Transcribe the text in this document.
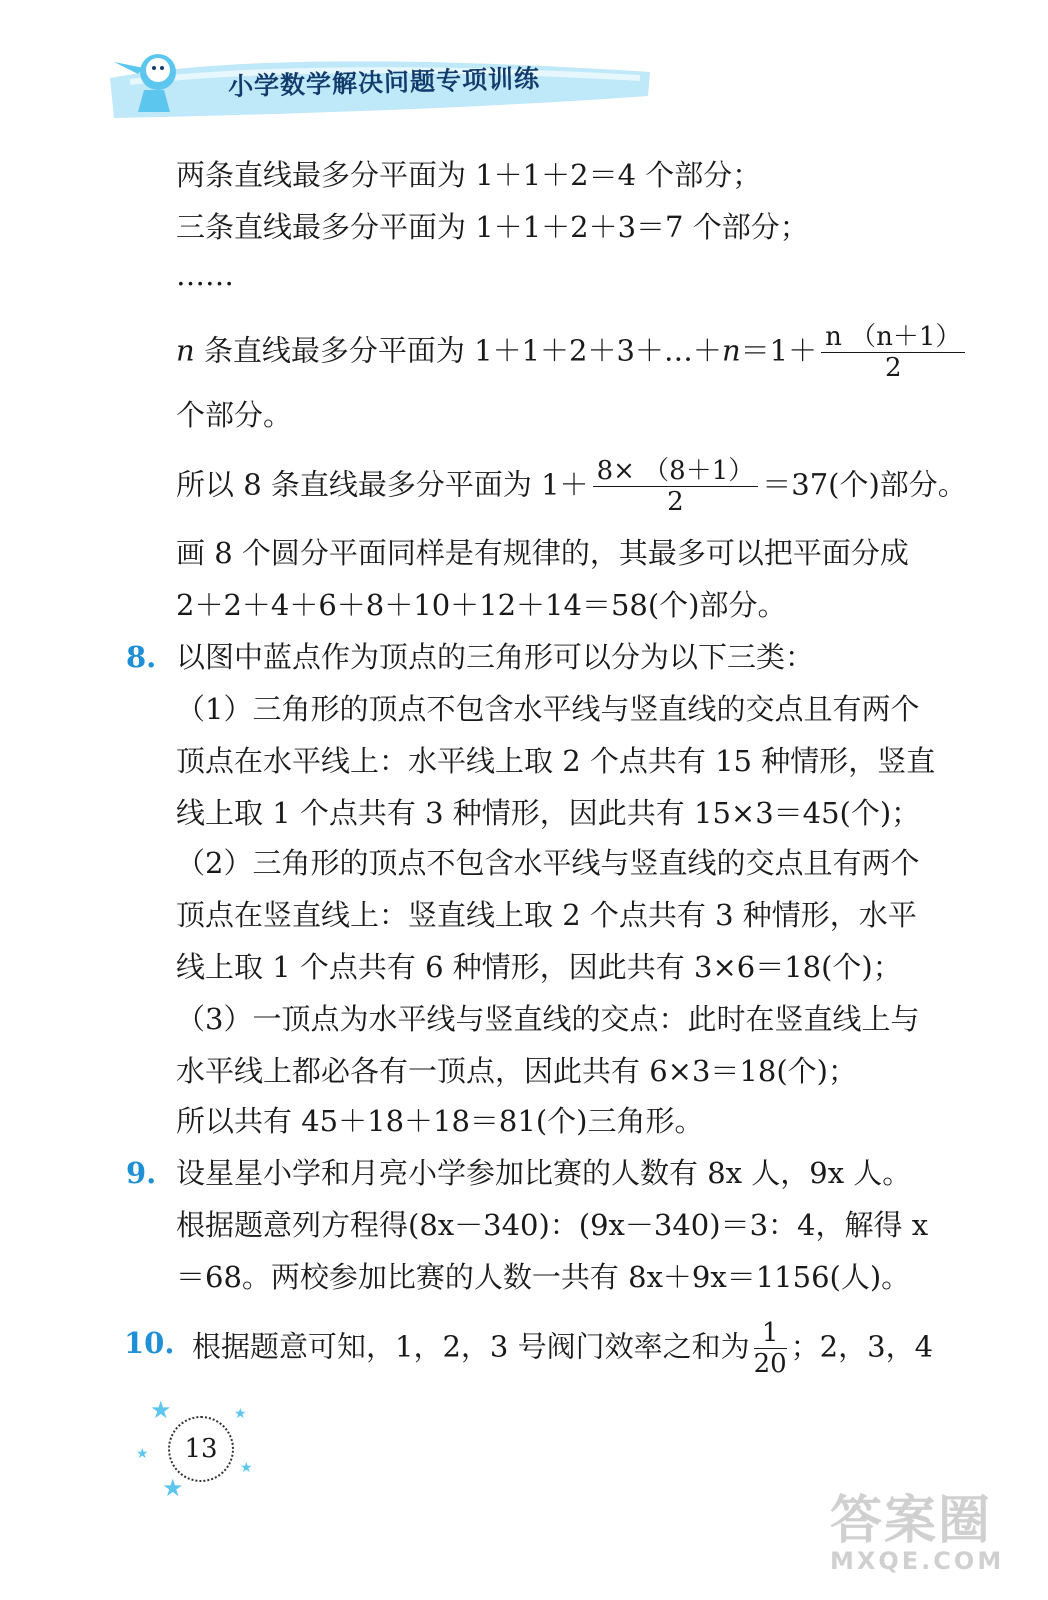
小学数学解决问题专项训练
两条直线最多分平面为 1＋1＋2＝4 个部分；
三条直线最多分平面为 1＋1＋2＋3＝7 个部分；
……
n 条直线最多分平面为 1＋1＋2＋3＋…＋n＝1＋ $\frac{n (n+1)}{2}$
个部分。
所以 8 条直线最多分平面为 $1+ \frac{8\times (8+1)}{2} =37$(个)部分。
画 8 个圆分平面同样是有规律的，其最多可以把平面分成
2＋2＋4＋6＋8＋10＋12＋14＝58(个)部分。
8. 以图中蓝点作为顶点的三角形可以分为以下三类：
（1）三角形的顶点不包含水平线与竖直线的交点且有两个
顶点在水平线上：水平线上取 2 个点共有 15 种情形，竖直
线上取 1 个点共有 3 种情形，因此共有 15×3＝45(个)；
（2）三角形的顶点不包含水平线与竖直线的交点且有两个
顶点在竖直线上：竖直线上取 2 个点共有 3 种情形，水平
线上取 1 个点共有 6 种情形，因此共有 3×6＝18(个)；
（3）一顶点为水平线与竖直线的交点：此时在竖直线上与
水平线上都必各有一顶点，因此共有 6×3＝18(个)；
所以共有 45＋18＋18＝81(个)三角形。
9. 设星星小学和月亮小学参加比赛的人数有 8x 人，9x 人。
根据题意列方程得(8x－340)：(9x－340)＝3：4，解得 x
＝68。两校参加比赛的人数一共有 8x＋9x＝1156(人)。
10. 根据题意可知，1，2，3 号阀门效率之和为 $\frac{1}{20}$ ；2，3，4
★	★
★
★
★
13
答案圈
MXQE.COM
